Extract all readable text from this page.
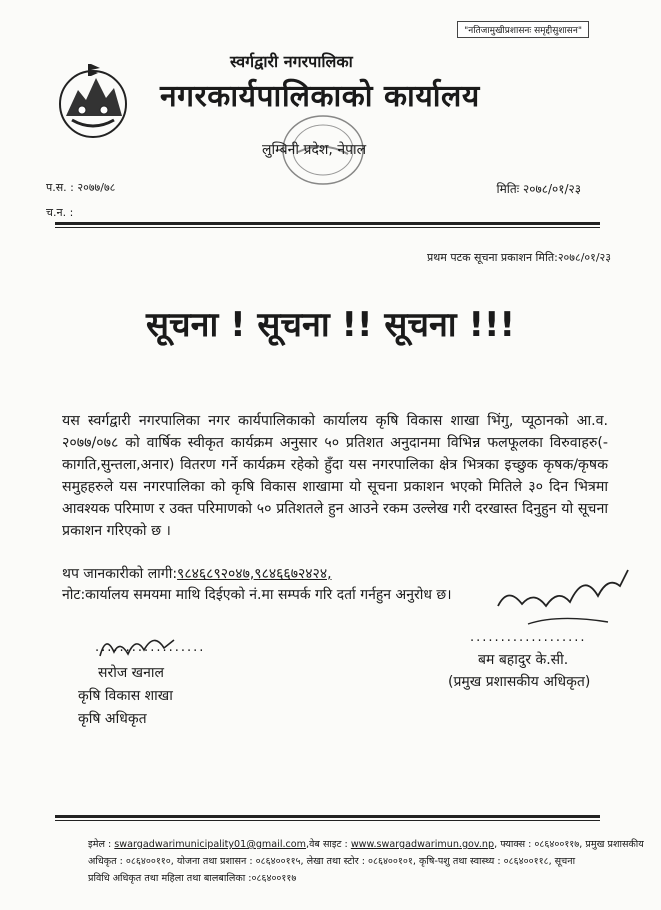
"नतिजामुखीप्रशासनः समृद्दीसुशासन"
स्वर्गद्वारी नगरपालिका
नगरकार्यपालिकाको कार्यालय
लुम्बिनी प्रदेश, नेपाल
प.स. : २०७७/७८
च.न. :
मितिः २०७८/०१/२३
प्रथम पटक सूचना प्रकाशन मिति:२०७८/०१/२३
सूचना ! सूचना !! सूचना !!!

यस स्वर्गद्वारी नगरपालिका नगर कार्यपालिकाको कार्यालय कृषि विकास शाखा भिंगु, प्यूठानको आ.व. २०७७/०७८ को वार्षिक स्वीकृत कार्यक्रम अनुसार ५० प्रतिशत अनुदानमा विभिन्न फलफूलका विरुवाहरु(-कागति,सुन्तला,अनार) वितरण गर्ने कार्यक्रम रहेको हुँदा यस नगरपालिका क्षेत्र भित्रका इच्छुक कृषक/कृषक समुहहरुले यस नगरपालिका को कृषि विकास शाखामा यो सूचना प्रकाशन भएको मितिले ३० दिन भित्रमा आवश्यक परिमाण र उक्त परिमाणको ५० प्रतिशतले हुन आउने रकम उल्लेख गरी दरखास्त दिनुहुन यो सूचना प्रकाशन गरिएको छ ।

थप जानकारीको लागी:९८४६८९२०४७,९८४६६७२४२४,
नोट:कार्यालय समयमा माथि दिईएको नं.मा सम्पर्क गरि दर्ता गर्नहुन अनुरोध छ।
..................
सरोज खनाल
कृषि विकास शाखा
कृषि अधिकृत
...................
बम बहादुर के.सी.
(प्रमुख प्रशासकीय अधिकृत)
इमेल : swargadwarimunicipality01@gmail.com,वेब साइट : www.swargadwarimun.gov.np, फ्याक्स : ०८६४००११७, प्रमुख प्रशासकीय
अधिकृत : ०८६४००११०, योजना तथा प्रशासन : ०८६४००११५, लेखा तथा स्टोर : ०८६४००१०१, कृषि-पशु तथा स्वास्थ्य : ०८६४००११८, सूचना
प्रविधि अधिकृत तथा महिला तथा बालबालिका :०८६४००११७
